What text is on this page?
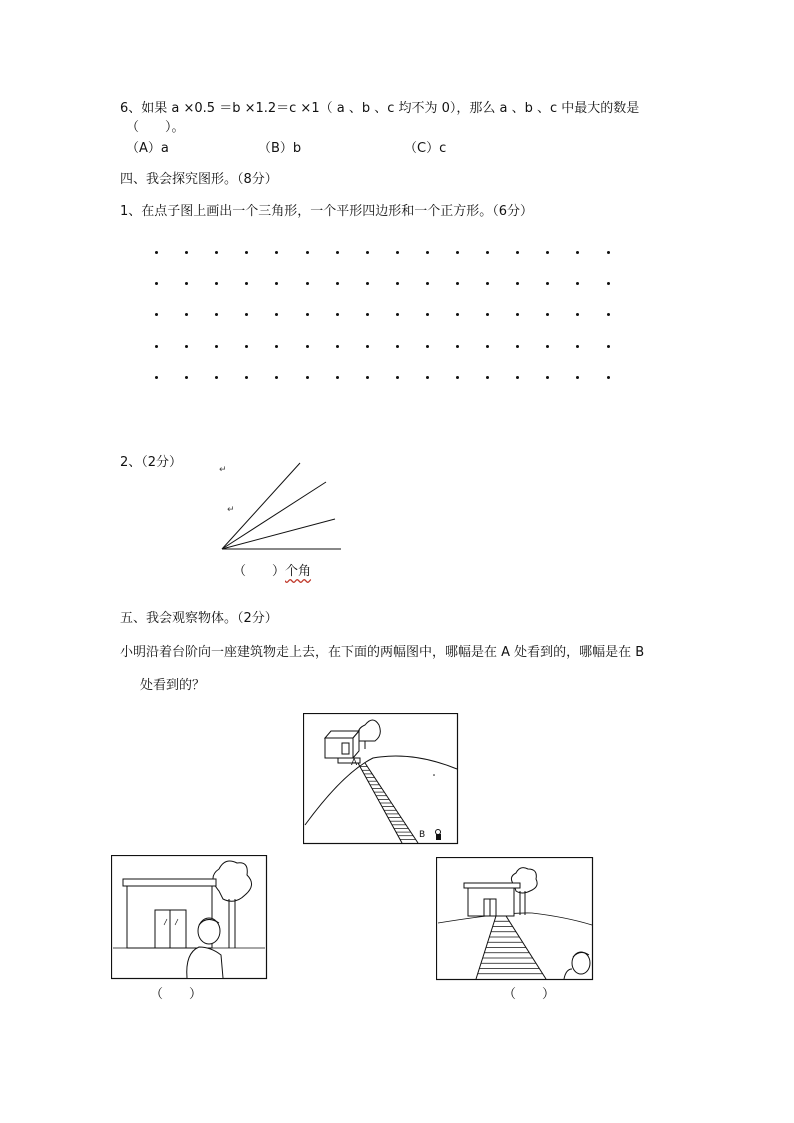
6、如果 a ×0.5 ＝b ×1.2＝c ×1（ a 、b 、c 均不为 0），那么 a 、b 、c 中最大的数是
（　　）。
（A）a	（B）b	（C）c
四、我会探究图形。（8分）
1、在点子图上画出一个三角形，一个平形四边形和一个正方形。（6分）
2、（2分）	↵
↵
（　　）个角
五、我会观察物体。（2分）
小明沿着台阶向一座建筑物走上去，在下面的两幅图中，哪幅是在 A 处看到的，哪幅是在 B
处看到的？
A
B
（　　）	（　　）
